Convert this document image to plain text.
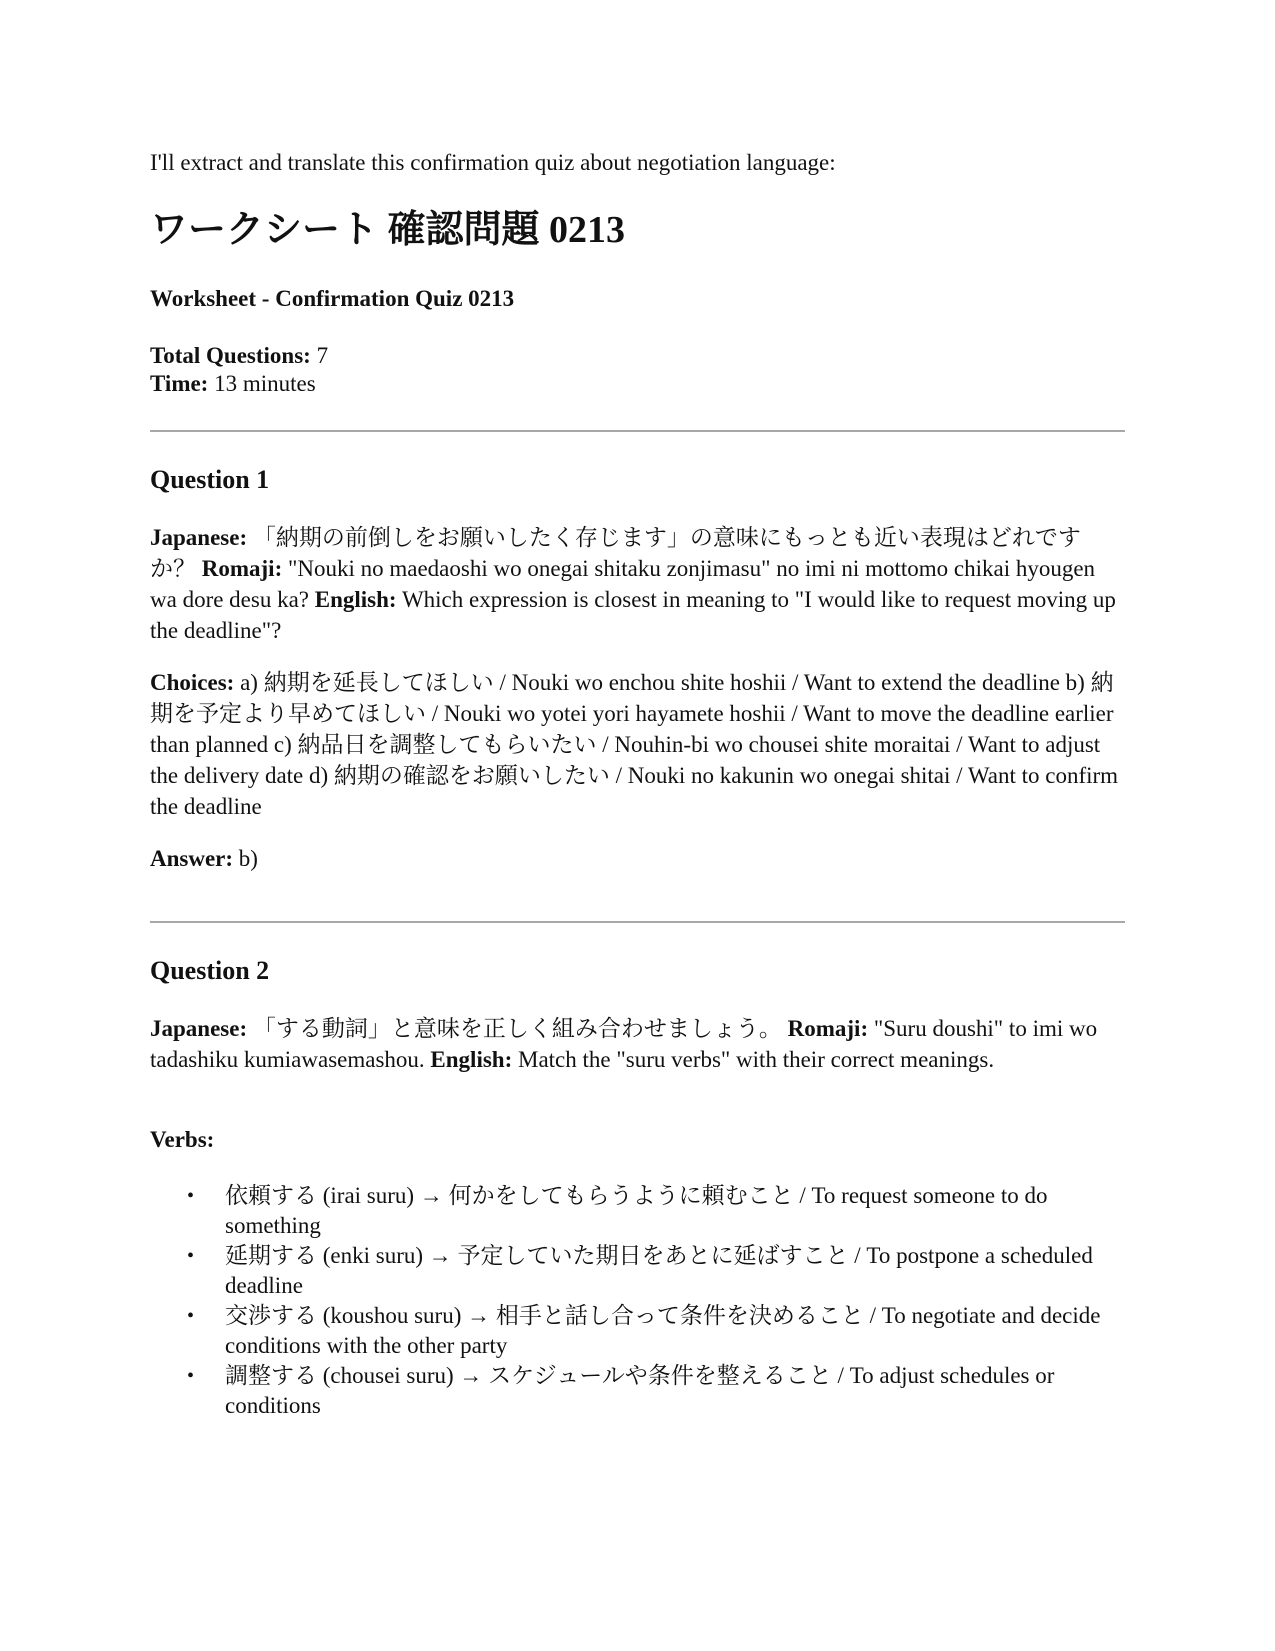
I'll extract and translate this confirmation quiz about negotiation language:

ワークシート 確認問題 0213

Worksheet - Confirmation Quiz 0213

Total Questions: 7
Time: 13 minutes

Question 1

Japanese: 「納期の前倒しをお願いしたく存じます」の意味にもっとも近い表現はどれですか？ Romaji: "Nouki no maedaoshi wo onegai shitaku zonjimasu" no imi ni mottomo chikai hyougen wa dore desu ka? English: Which expression is closest in meaning to "I would like to request moving up the deadline"?

Choices: a) 納期を延長してほしい / Nouki wo enchou shite hoshii / Want to extend the deadline b) 納期を予定より早めてほしい / Nouki wo yotei yori hayamete hoshii / Want to move the deadline earlier than planned c) 納品日を調整してもらいたい / Nouhin-bi wo chousei shite moraitai / Want to adjust the delivery date d) 納期の確認をお願いしたい / Nouki no kakunin wo onegai shitai / Want to confirm the deadline

Answer: b)

Question 2

Japanese: 「する動詞」と意味を正しく組み合わせましょう。 Romaji: "Suru doushi" to imi wo tadashiku kumiawasemashou. English: Match the "suru verbs" with their correct meanings.

Verbs:

• 依頼する (irai suru) → 何かをしてもらうように頼むこと / To request someone to do something
• 延期する (enki suru) → 予定していた期日をあとに延ばすこと / To postpone a scheduled deadline
• 交渉する (koushou suru) → 相手と話し合って条件を決めること / To negotiate and decide conditions with the other party
• 調整する (chousei suru) → スケジュールや条件を整えること / To adjust schedules or conditions
